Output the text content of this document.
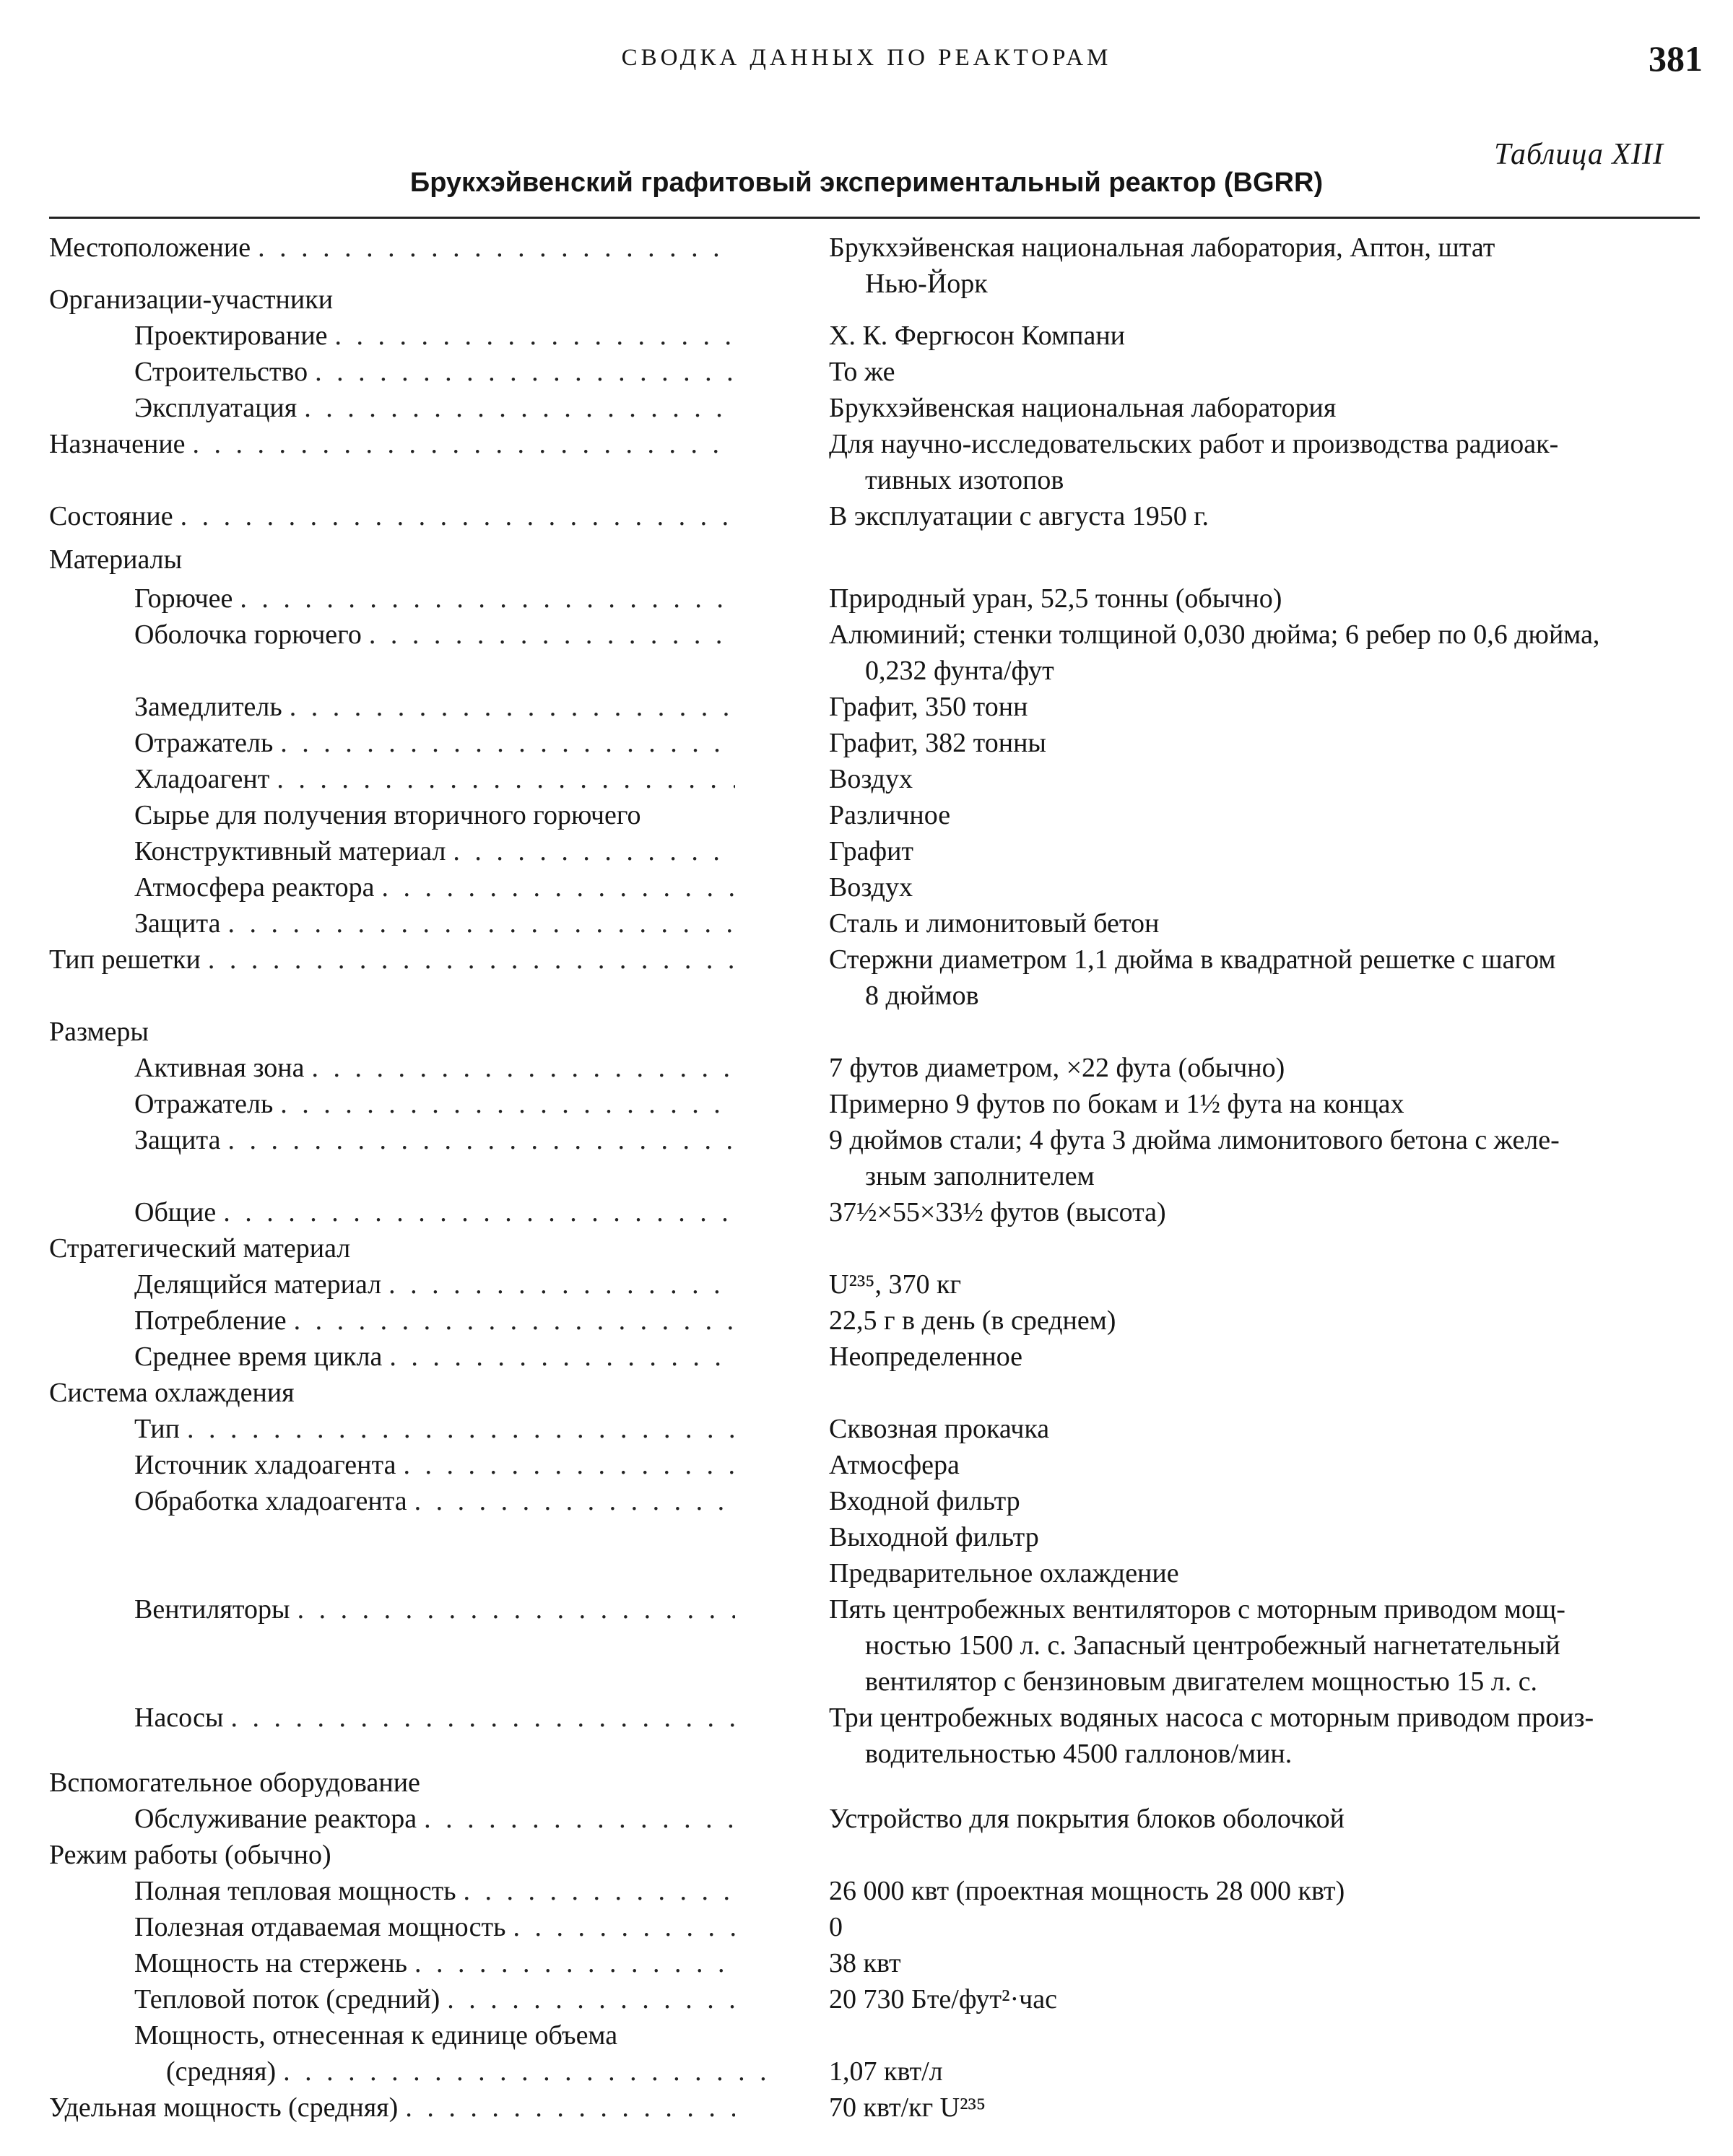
СВОДКА ДАННЫХ ПО РЕАКТОРАМ	381
Таблица XIII
Брукхэйвенский графитовый экспериментальный реактор (BGRR)
Местоположение . . .	Брукхэйвенская национальная лаборатория, Аптон, штат
Нью-Йорк
Организации-участники
Проектирование . . .	Х. К. Фергюсон Компани
Строительство . . .	То же
Эксплуатация . . .	Брукхэйвенская национальная лаборатория
Назначение . . .	Для научно-исследовательских работ и производства радиоак-
тивных изотопов
Состояние . . .	В эксплуатации с августа 1950 г.
Материалы
Горючее . . .	Природный уран, 52,5 тонны (обычно)
Оболочка горючего . . .	Алюминий; стенки толщиной 0,030 дюйма; 6 ребер по 0,6 дюйма,
0,232 фунта/фут
Замедлитель . . .	Графит, 350 тонн
Отражатель . . .	Графит, 382 тонны
Хладоагент . . .	Воздух
Сырье для получения вторичного горючего	Различное
Конструктивный материал . . .	Графит
Атмосфера реактора . . .	Воздух
Защита . . .	Сталь и лимонитовый бетон
Тип решетки . . .	Стержни диаметром 1,1 дюйма в квадратной решетке с шагом
8 дюймов
Размеры
Активная зона . . .	7 футов диаметром, ×22 фута (обычно)
Отражатель . . .	Примерно 9 футов по бокам и 1½ фута на концах
Защита . . .	9 дюймов стали; 4 фута 3 дюйма лимонитового бетона с желе-
зным заполнителем
Общие . . .	37½×55×33½ футов (высота)
Стратегический материал
Делящийся материал . . .	U²³⁵, 370 кг
Потребление . . .	22,5 г в день (в среднем)
Среднее время цикла . . .	Неопределенное
Система охлаждения
Тип . . .	Сквозная прокачка
Источник хладоагента . . .	Атмосфера
Обработка хладоагента . . .	Входной фильтр
Выходной фильтр
Предварительное охлаждение
Вентиляторы . . .	Пять центробежных вентиляторов с моторным приводом мощ-
ностью 1500 л. с. Запасный центробежный нагнетательный
вентилятор с бензиновым двигателем мощностью 15 л. с.
Насосы . . .	Три центробежных водяных насоса с моторным приводом произ-
водительностью 4500 галлонов/мин.
Вспомогательное оборудование
Обслуживание реактора . . .	Устройство для покрытия блоков оболочкой
Режим работы (обычно)
Полная тепловая мощность . . .	26 000 квт (проектная мощность 28 000 квт)
Полезная отдаваемая мощность . . .	0
Мощность на стержень . . .	38 квт
Тепловой поток (средний) . . .	20 730 Бте/фут²·час
Мощность, отнесенная к единице объема
(средняя) . . .	1,07 квт/л
Удельная мощность (средняя) . . .	70 квт/кг U²³⁵
